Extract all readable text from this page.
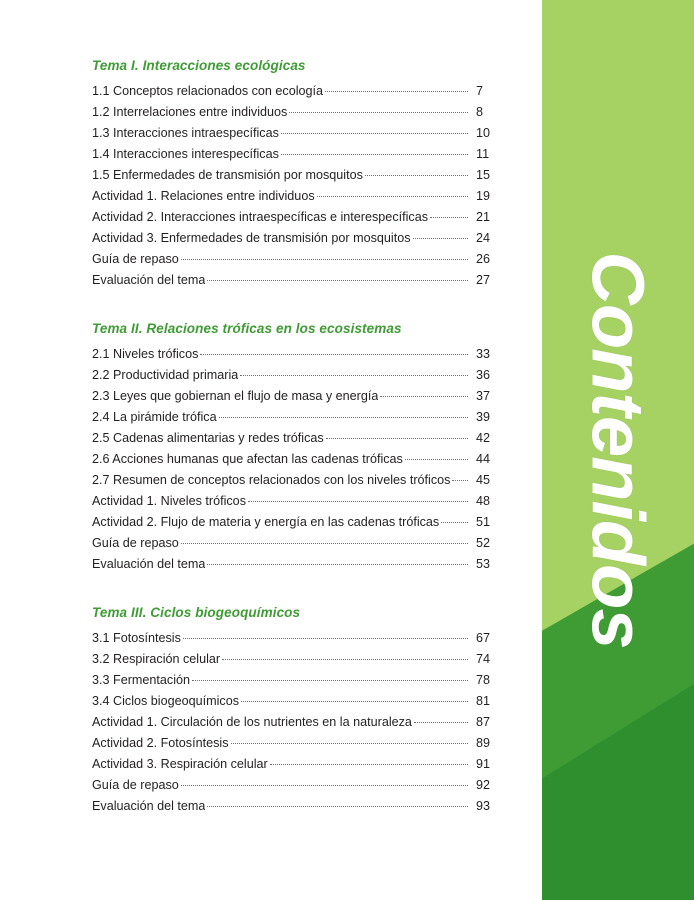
Tema I. Interacciones ecológicas
1.1 Conceptos relacionados con ecología	7
1.2 Interrelaciones entre individuos	8
1.3 Interacciones intraespecíficas	10
1.4 Interacciones interespecíficas	11
1.5 Enfermedades de transmisión por mosquitos	15
Actividad 1. Relaciones entre individuos	19
Actividad 2. Interacciones intraespecíficas e interespecíficas	21
Actividad 3. Enfermedades de transmisión por mosquitos	24
Guía de repaso	26
Evaluación del tema	27
Tema II. Relaciones tróficas en los ecosistemas
2.1 Niveles tróficos	33
2.2 Productividad primaria	36
2.3 Leyes que gobiernan el flujo de masa y energía	37
2.4 La pirámide trófica	39
2.5 Cadenas alimentarias y redes tróficas	42
2.6 Acciones humanas que afectan las cadenas tróficas	44
2.7 Resumen de conceptos relacionados con los niveles tróficos	45
Actividad 1. Niveles tróficos	48
Actividad 2. Flujo de materia y energía en las cadenas tróficas	51
Guía de repaso	52
Evaluación del tema	53
Tema III. Ciclos biogeoquímicos
3.1 Fotosíntesis	67
3.2 Respiración celular	74
3.3 Fermentación	78
3.4 Ciclos biogeoquímicos	81
Actividad 1. Circulación de los nutrientes en la naturaleza	87
Actividad 2. Fotosíntesis	89
Actividad 3. Respiración celular	91
Guía de repaso	92
Evaluación del tema	93
Contenidos
